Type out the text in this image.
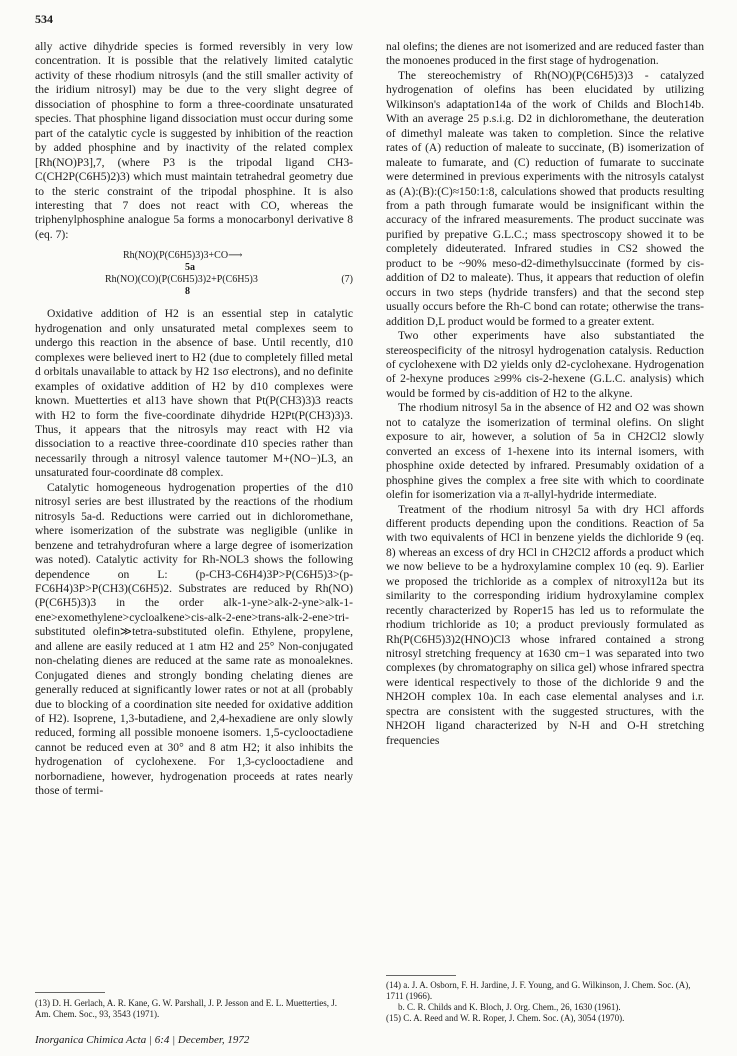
534

ally active dihydride species is formed reversibly in very low concentration. It is possible that the relatively limited catalytic activity of these rhodium nitrosyls (and the still smaller activity of the iridium nitrosyl) may be due to the very slight degree of dissociation of phosphine to form a three-coordinate unsaturated species. That phosphine ligand dissociation must occur during some part of the catalytic cycle is suggested by inhibition of the reaction by added phosphine and by inactivity of the related complex [Rh(NO)P3],7, (where P3 is the tripodal ligand CH3-C(CH2P(C6H5)2)3) which must maintain tetrahedral geometry due to the steric constraint of the tripodal phosphine. It is also interesting that 7 does not react with CO, whereas the triphenylphosphine analogue 5a forms a monocarbonyl derivative 8 (eq. 7):

Rh(NO)(P(C6H5)3)3+CO⟶
5a
Rh(NO)(CO)(P(C6H5)3)2+P(C6H5)3	(7)
8

Oxidative addition of H2 is an essential step in catalytic hydrogenation and only unsaturated metal complexes seem to undergo this reaction in the absence of base. Until recently, d10 complexes were believed inert to H2 (due to completely filled metal d orbitals unavailable to attack by H2 1sσ electrons), and no definite examples of oxidative addition of H2 by d10 complexes were known. Muetterties et al13 have shown that Pt(P(CH3)3)3 reacts with H2 to form the five-coordinate dihydride H2Pt(P(CH3)3)3. Thus, it appears that the nitrosyls may react with H2 via dissociation to a reactive three-coordinate d10 species rather than necessarily through a nitrosyl valence tautomer M+(NO−)L3, an unsaturated four-coordinate d8 complex.

Catalytic homogeneous hydrogenation properties of the d10 nitrosyl series are best illustrated by the reactions of the rhodium nitrosyls 5a-d. Reductions were carried out in dichloromethane, where isomerization of the substrate was negligible (unlike in benzene and tetrahydrofuran where a large degree of isomerization was noted). Catalytic activity for Rh-NOL3 shows the following dependence on L: (p-CH3-C6H4)3P>P(C6H5)3>(p-FC6H4)3P>P(CH3)(C6H5)2. Substrates are reduced by Rh(NO)(P(C6H5)3)3 in the order alk-1-yne>alk-2-yne>alk-1-ene>exomethylene>cycloalkene>cis-alk-2-ene>trans-alk-2-ene>tri-substituted olefin≫tetra-substituted olefin. Ethylene, propylene, and allene are easily reduced at 1 atm H2 and 25° Non-conjugated non-chelating dienes are reduced at the same rate as monoaleknes. Conjugated dienes and strongly bonding chelating dienes are generally reduced at significantly lower rates or not at all (probably due to blocking of a coordination site needed for oxidative addition of H2). Isoprene, 1,3-butadiene, and 2,4-hexadiene are only slowly reduced, forming all possible monoene isomers. 1,5-cyclooctadiene cannot be reduced even at 30° and 8 atm H2; it also inhibits the hydrogenation of cyclohexene. For 1,3-cyclooctadiene and norbornadiene, however, hydrogenation proceeds at rates nearly those of termi-

nal olefins; the dienes are not isomerized and are reduced faster than the monoenes produced in the first stage of hydrogenation.

The stereochemistry of Rh(NO)(P(C6H5)3)3 - catalyzed hydrogenation of olefins has been elucidated by utilizing Wilkinson's adaptation14a of the work of Childs and Bloch14b. With an average 25 p.s.i.g. D2 in dichloromethane, the deuteration of dimethyl maleate was taken to completion. Since the relative rates of (A) reduction of maleate to succinate, (B) isomerization of maleate to fumarate, and (C) reduction of fumarate to succinate were determined in previous experiments with the nitrosyls catalyst as (A):(B):(C)≈150:1:8, calculations showed that products resulting from a path through fumarate would be insignificant within the accuracy of the infrared measurements. The product succinate was purified by prepative G.L.C.; mass spectroscopy showed it to be completely dideuterated. Infrared studies in CS2 showed the product to be ~90% meso-d2-dimethylsuccinate (formed by cis-addition of D2 to maleate). Thus, it appears that reduction of olefin occurs in two steps (hydride transfers) and that the second step usually occurs before the Rh-C bond can rotate; otherwise the trans-addition D,L product would be formed to a greater extent.

Two other experiments have also substantiated the stereospecificity of the nitrosyl hydrogenation catalysis. Reduction of cyclohexene with D2 yields only d2-cyclohexane. Hydrogenation of 2-hexyne produces ≥99% cis-2-hexene (G.L.C. analysis) which would be formed by cis-addition of H2 to the alkyne.

The rhodium nitrosyl 5a in the absence of H2 and O2 was shown not to catalyze the isomerization of terminal olefins. On slight exposure to air, however, a solution of 5a in CH2Cl2 slowly converted an excess of 1-hexene into its internal isomers, with phosphine oxide detected by infrared. Presumably oxidation of a phosphine gives the complex a free site with which to coordinate olefin for isomerization via a π-allyl-hydride intermediate.

Treatment of the rhodium nitrosyl 5a with dry HCl affords different products depending upon the conditions. Reaction of 5a with two equivalents of HCl in benzene yields the dichloride 9 (eq. 8) whereas an excess of dry HCl in CH2Cl2 affords a product which we now believe to be a hydroxylamine complex 10 (eq. 9). Earlier we proposed the trichloride as a complex of nitroxyl12a but its similarity to the corresponding iridium hydroxylamine complex recently characterized by Roper15 has led us to reformulate the rhodium trichloride as 10; a product previously formulated as Rh(P(C6H5)3)2(HNO)Cl3 whose infrared contained a strong nitrosyl stretching frequency at 1630 cm−1 was separated into two complexes (by chromatography on silica gel) whose infrared spectra were identical respectively to those of the dichloride 9 and the NH2OH complex 10a. In each case elemental analyses and i.r. spectra are consistent with the suggested structures, with the NH2OH ligand characterized by N-H and O-H stretching frequencies

(13) D. H. Gerlach, A. R. Kane, G. W. Parshall, J. P. Jesson and E. L. Muetterties, J. Am. Chem. Soc., 93, 3543 (1971).
(14) a. J. A. Osborn, F. H. Jardine, J. F. Young, and G. Wilkinson, J. Chem. Soc. (A), 1711 (1966).
b. C. R. Childs and K. Bloch, J. Org. Chem., 26, 1630 (1961).
(15) C. A. Reed and W. R. Roper, J. Chem. Soc. (A), 3054 (1970).
Inorganica Chimica Acta | 6:4 | December, 1972
